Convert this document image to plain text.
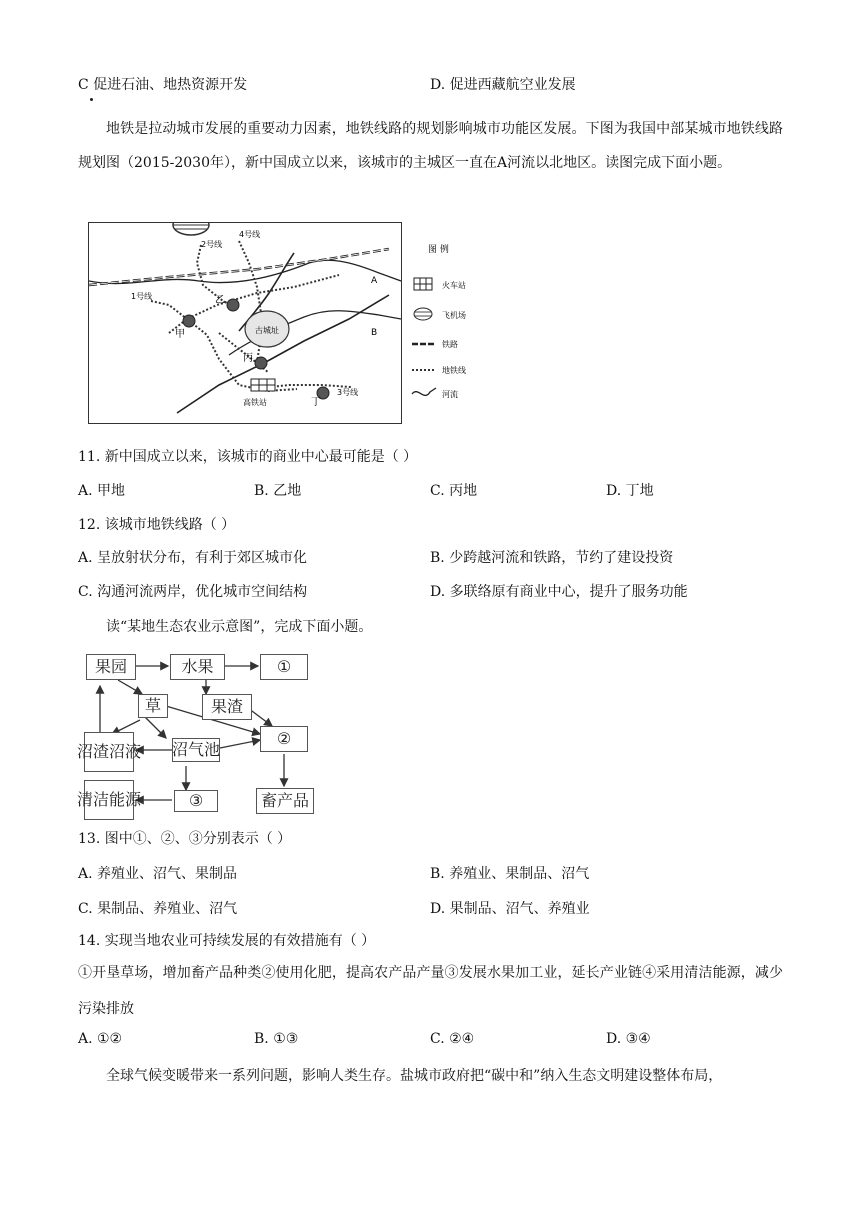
C 促进石油、地热资源开发	D. 促进西藏航空业发展
地铁是拉动城市发展的重要动力因素，地铁线路的规划影响城市功能区发展。下图为我国中部某城市地铁线路规划图（2015-2030年），新中国成立以来，该城市的主城区一直在A河流以北地区。读图完成下面小题。
2号线
4号线
1号线
3号线
甲
乙
丙
丁
古城址
高铁站
A
B
图 例
火车站
飞机场
铁路
地铁线
河流
11. 新中国成立以来，该城市的商业中心最可能是（ ）
A. 甲地	B. 乙地	C. 丙地	D. 丁地
12. 该城市地铁线路（ ）
A. 呈放射状分布，有利于郊区城市化	B. 少跨越河流和铁路，节约了建设投资
C. 沟通河流两岸，优化城市空间结构	D. 多联络原有商业中心，提升了服务功能
读“某地生态农业示意图”，完成下面小题。
果园	水果	①
草	果渣
②
沼渣沼液 沼气池
清洁能源	③	畜产品
13. 图中①、②、③分别表示（ ）
A. 养殖业、沼气、果制品	B. 养殖业、果制品、沼气
C. 果制品、养殖业、沼气	D. 果制品、沼气、养殖业
14. 实现当地农业可持续发展的有效措施有（ ）
①开垦草场，增加畜产品种类②使用化肥，提高农产品产量③发展水果加工业，延长产业链④采用清洁能源，减少污染排放
A. ①②	B. ①③	C. ②④	D. ③④
全球气候变暖带来一系列问题，影响人类生存。盐城市政府把“碳中和”纳入生态文明建设整体布局，
